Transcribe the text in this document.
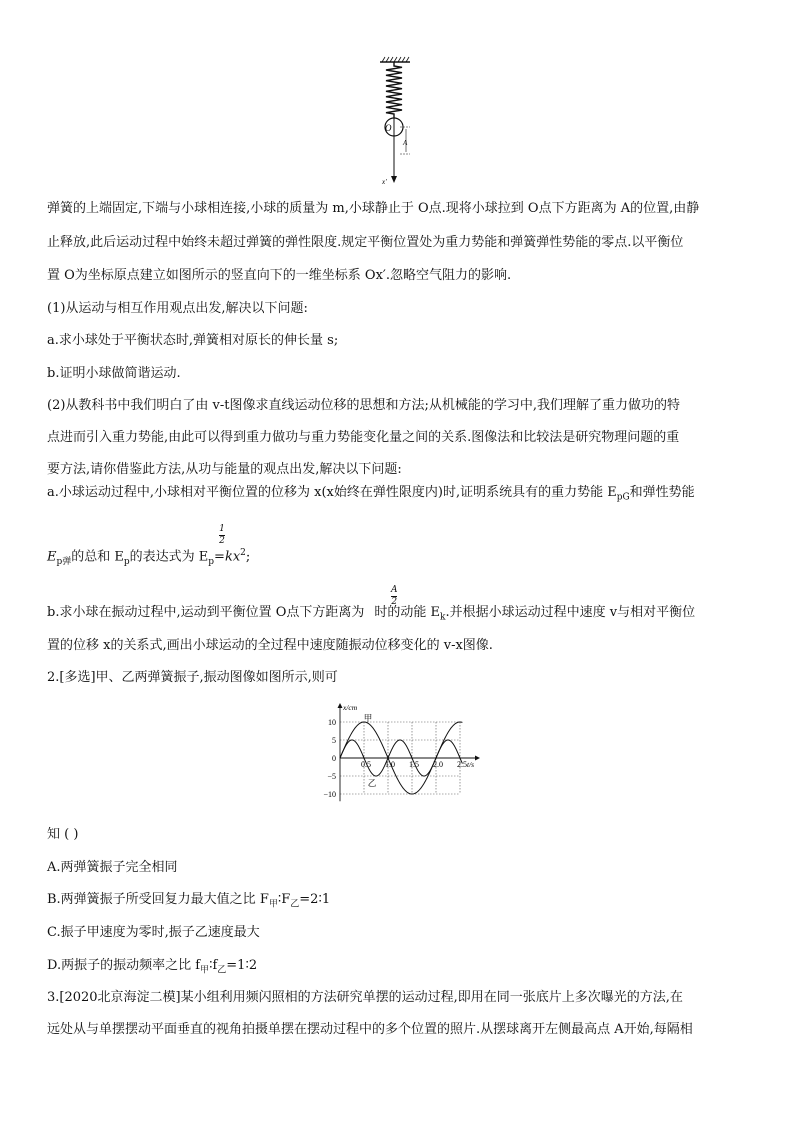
O
A
x′

弹簧的上端固定,下端与小球相连接,小球的质量为 m,小球静止于 O点.现将小球拉到 O点下方距离为 A的位置,由静

止释放,此后运动过程中始终未超过弹簧的弹性限度.规定平衡位置处为重力势能和弹簧弹性势能的零点.以平衡位

置 O为坐标原点建立如图所示的竖直向下的一维坐标系 Ox′.忽略空气阻力的影响.

(1)从运动与相互作用观点出发,解决以下问题:

a.求小球处于平衡状态时,弹簧相对原长的伸长量 s;

b.证明小球做简谐运动.

(2)从教科书中我们明白了由 v-t图像求直线运动位移的思想和方法;从机械能的学习中,我们理解了重力做功的特

点进而引入重力势能,由此可以得到重力做功与重力势能变化量之间的关系.图像法和比较法是研究物理问题的重

要方法,请你借鉴此方法,从功与能量的观点出发,解决以下问题:

a.小球运动过程中,小球相对平衡位置的位移为 x(x始终在弹性限度内)时,证明系统具有的重力势能 $E_{pG}$和弹性势能

1
2

$E_{p弹}$的总和 $E_p$的表达式为 $E_p=kx^2$;

A
2

b.求小球在振动过程中,运动到平衡位置 O点下方距离为 时的动能 $E_k$.并根据小球运动过程中速度 v与相对平衡位

置的位移 x的关系式,画出小球运动的全过程中速度随振动位移变化的 v-x图像.

2.[多选]甲、乙两弹簧振子,振动图像如图所示,则可

10
5
0
−5
−10
0.5 1.0 1.5 2.0 2.5
x/cm
t/s
甲
乙

知 ( )

A.两弹簧振子完全相同

B.两弹簧振子所受回复力最大值之比 $F_甲∶F_乙=2∶1$

C.振子甲速度为零时,振子乙速度最大

D.两振子的振动频率之比 $f_甲∶f_乙=1∶2$

3.[2020北京海淀二模]某小组利用频闪照相的方法研究单摆的运动过程,即用在同一张底片上多次曝光的方法,在

远处从与单摆摆动平面垂直的视角拍摄单摆在摆动过程中的多个位置的照片.从摆球离开左侧最高点 A开始,每隔相
